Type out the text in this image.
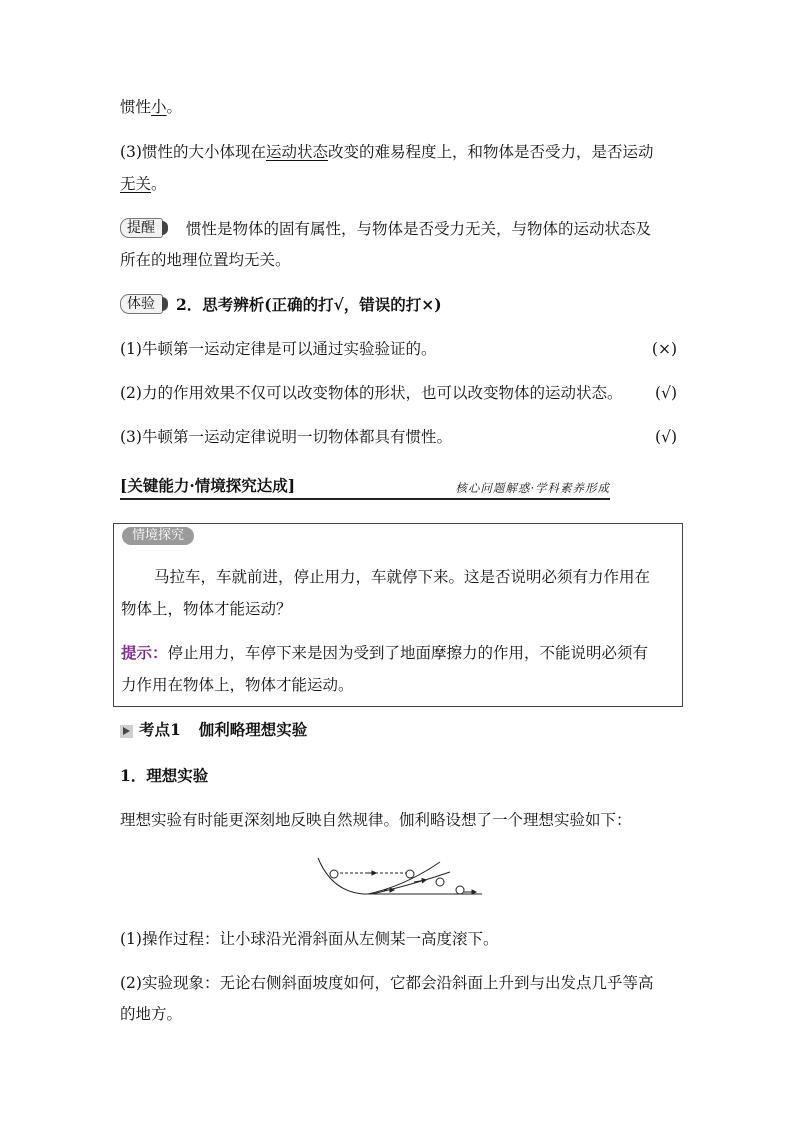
惯性小。
(3)惯性的大小体现在运动状态改变的难易程度上，和物体是否受力，是否运动
无关。
提醒	惯性是物体的固有属性，与物体是否受力无关，与物体的运动状态及
所在的地理位置均无关。
体验	2．思考辨析(正确的打√，错误的打×)
(1)牛顿第一运动定律是可以通过实验验证的。	(×)
(2)力的作用效果不仅可以改变物体的形状，也可以改变物体的运动状态。 (√)
(3)牛顿第一运动定律说明一切物体都具有惯性。	(√)
[关键能力·情境探究达成]	核心问题解惑·学科素养形成
情境探究
马拉车，车就前进，停止用力，车就停下来。这是否说明必须有力作用在
物体上，物体才能运动？
提示：停止用力，车停下来是因为受到了地面摩擦力的作用，不能说明必须有
力作用在物体上，物体才能运动。
考点1 伽利略理想实验
1．理想实验
理想实验有时能更深刻地反映自然规律。伽利略设想了一个理想实验如下：
(1)操作过程：让小球沿光滑斜面从左侧某一高度滚下。
(2)实验现象：无论右侧斜面坡度如何，它都会沿斜面上升到与出发点几乎等高
的地方。
